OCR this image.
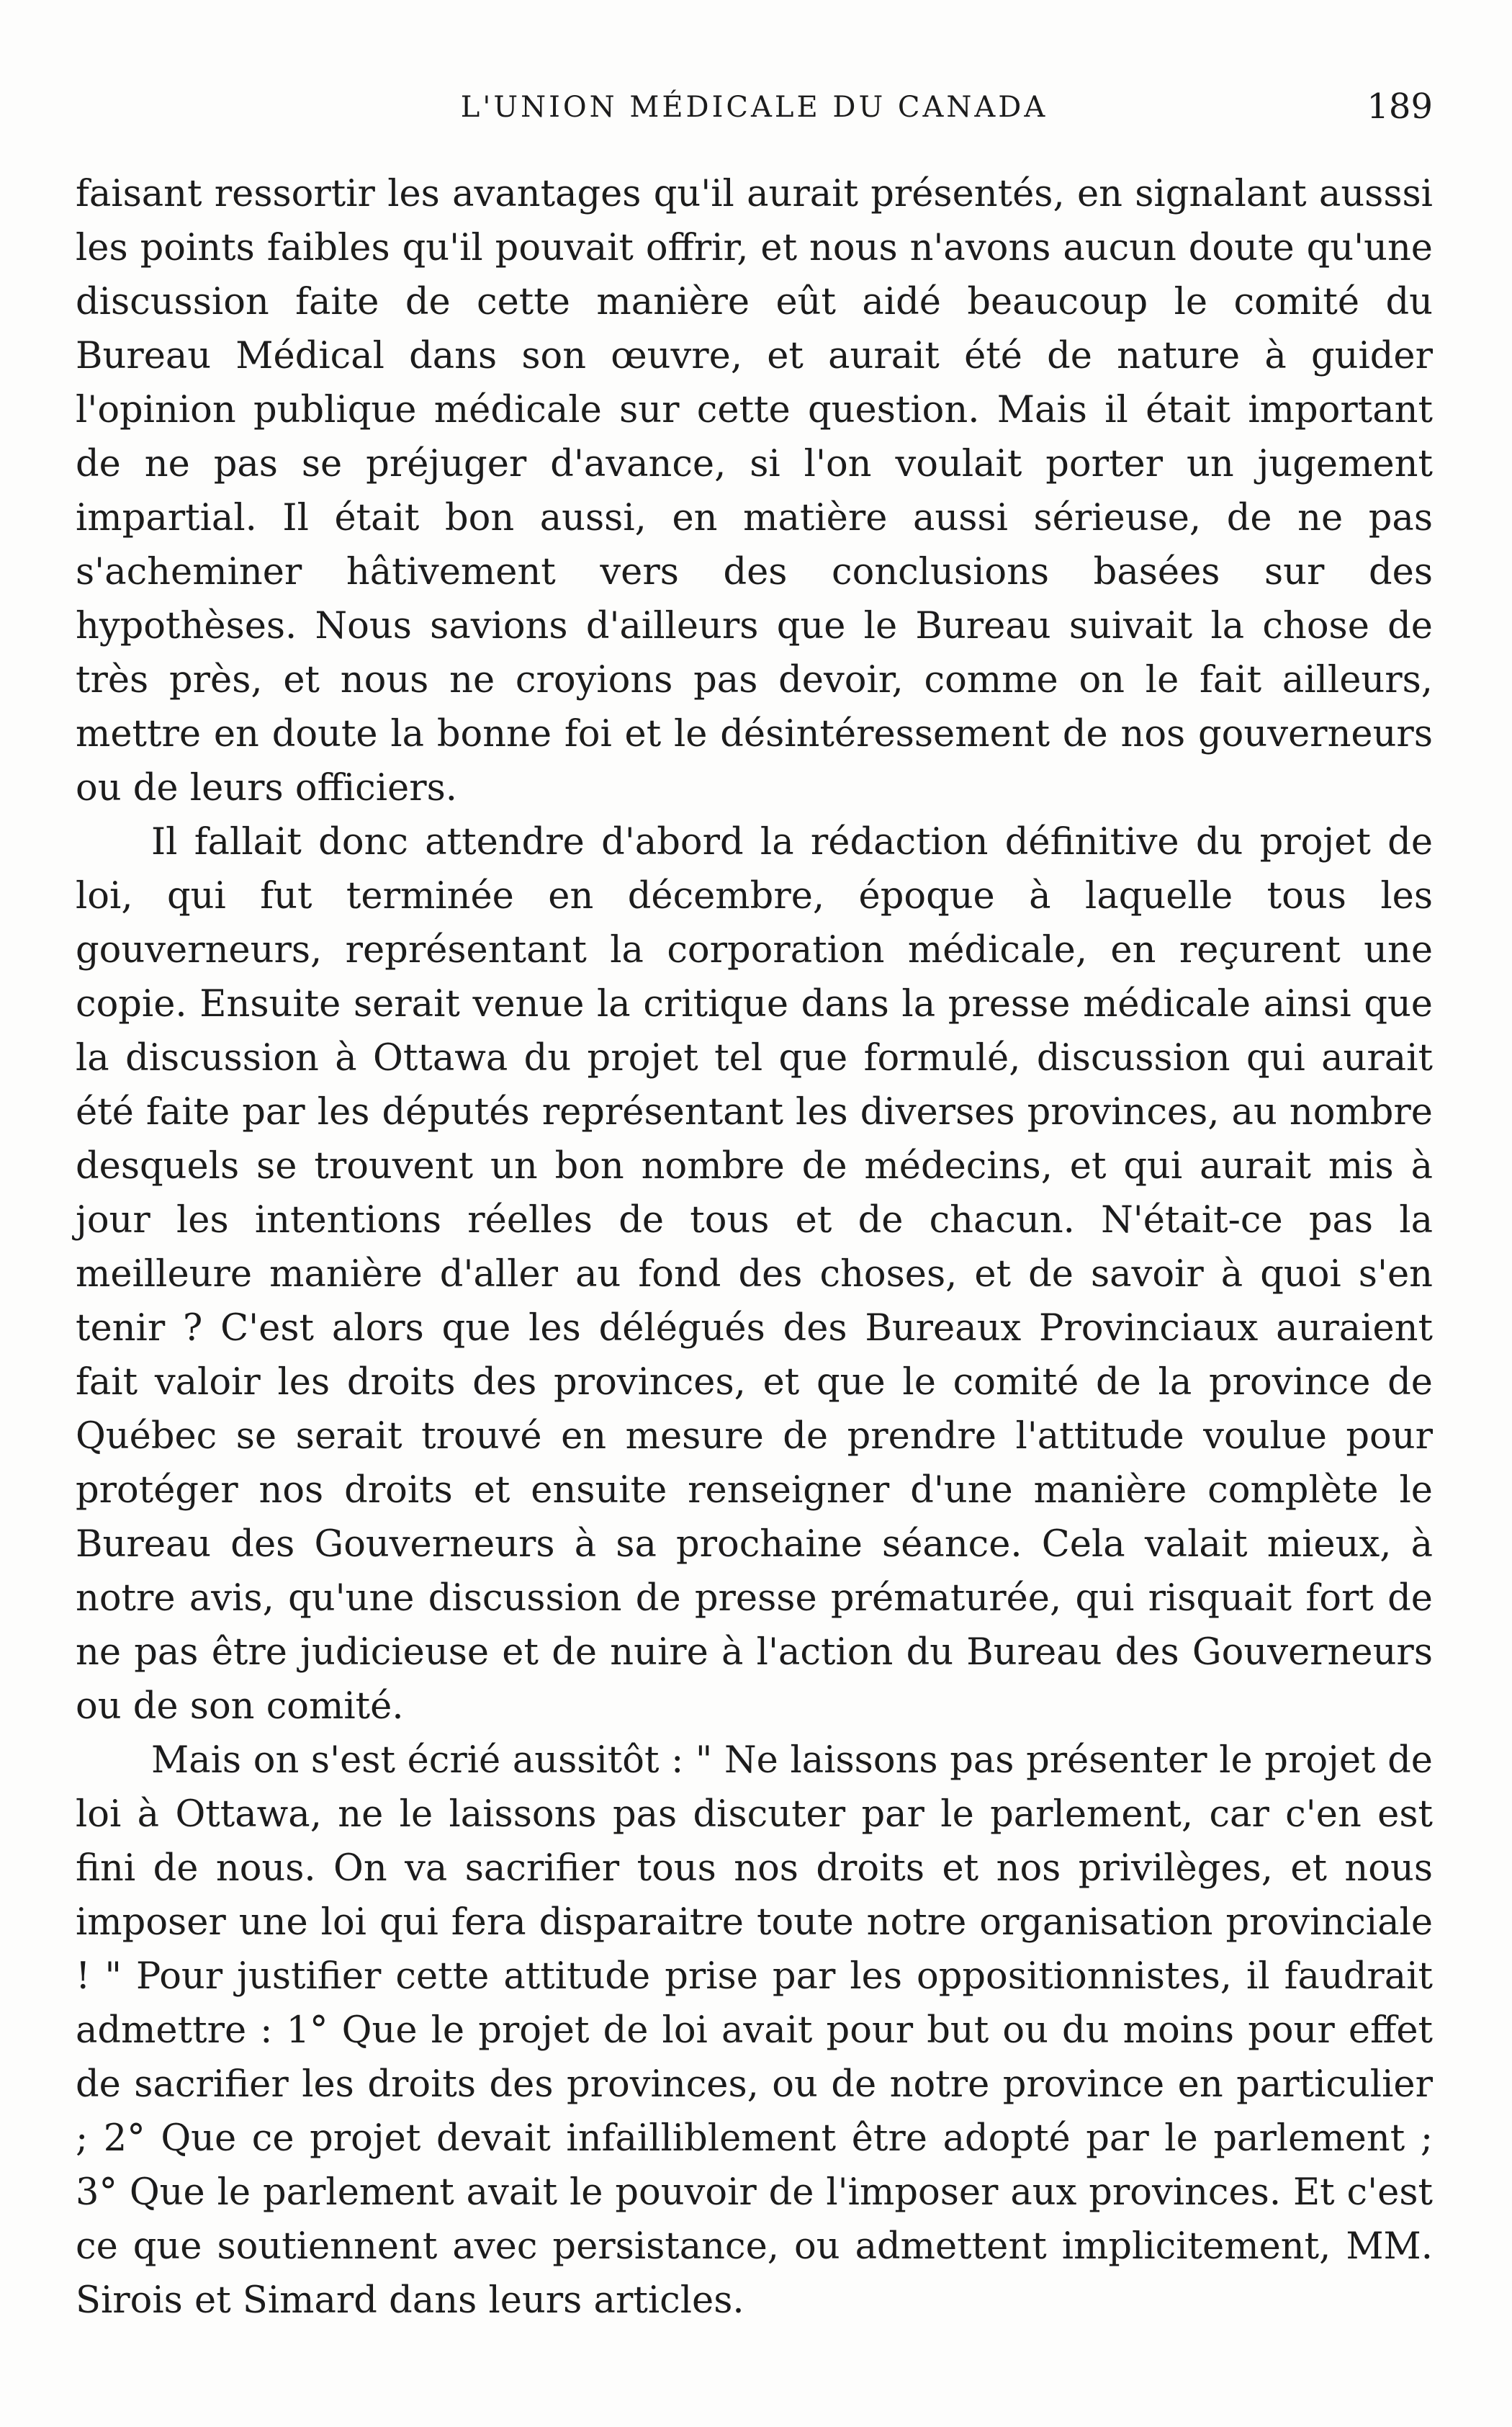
L'UNION MÉDICALE DU CANADA	189

faisant ressortir les avantages qu'il aurait présentés, en signalant ausssi les points faibles qu'il pouvait offrir, et nous n'avons aucun doute qu'une discussion faite de cette manière eût aidé beaucoup le comité du Bureau Médical dans son œuvre, et aurait été de nature à guider l'opinion publique médicale sur cette question. Mais il était important de ne pas se préjuger d'avance, si l'on voulait porter un jugement impartial. Il était bon aussi, en matière aussi sérieuse, de ne pas s'acheminer hâtivement vers des conclusions basées sur des hypothèses. Nous savions d'ailleurs que le Bureau suivait la chose de très près, et nous ne croyions pas devoir, comme on le fait ailleurs, mettre en doute la bonne foi et le désintéressement de nos gouverneurs ou de leurs officiers.

Il fallait donc attendre d'abord la rédaction définitive du projet de loi, qui fut terminée en décembre, époque à laquelle tous les gouverneurs, représentant la corporation médicale, en reçurent une copie. Ensuite serait venue la critique dans la presse médicale ainsi que la discussion à Ottawa du projet tel que formulé, discussion qui aurait été faite par les députés représentant les diverses provinces, au nombre desquels se trouvent un bon nombre de médecins, et qui aurait mis à jour les intentions réelles de tous et de chacun. N'était-ce pas la meilleure manière d'aller au fond des choses, et de savoir à quoi s'en tenir ? C'est alors que les délégués des Bureaux Provinciaux auraient fait valoir les droits des provinces, et que le comité de la province de Québec se serait trouvé en mesure de prendre l'attitude voulue pour protéger nos droits et ensuite renseigner d'une manière complète le Bureau des Gouverneurs à sa prochaine séance. Cela valait mieux, à notre avis, qu'une discussion de presse prématurée, qui risquait fort de ne pas être judicieuse et de nuire à l'action du Bureau des Gouverneurs ou de son comité.

Mais on s'est écrié aussitôt : " Ne laissons pas présenter le projet de loi à Ottawa, ne le laissons pas discuter par le parlement, car c'en est fini de nous. On va sacrifier tous nos droits et nos privilèges, et nous imposer une loi qui fera disparaitre toute notre organisation provinciale ! " Pour justifier cette attitude prise par les oppositionnistes, il faudrait admettre : 1° Que le projet de loi avait pour but ou du moins pour effet de sacrifier les droits des provinces, ou de notre province en particulier ; 2° Que ce projet devait infailliblement être adopté par le parlement ; 3° Que le parlement avait le pouvoir de l'imposer aux provinces. Et c'est ce que soutiennent avec persistance, ou admettent implicitement, MM. Sirois et Simard dans leurs articles.
